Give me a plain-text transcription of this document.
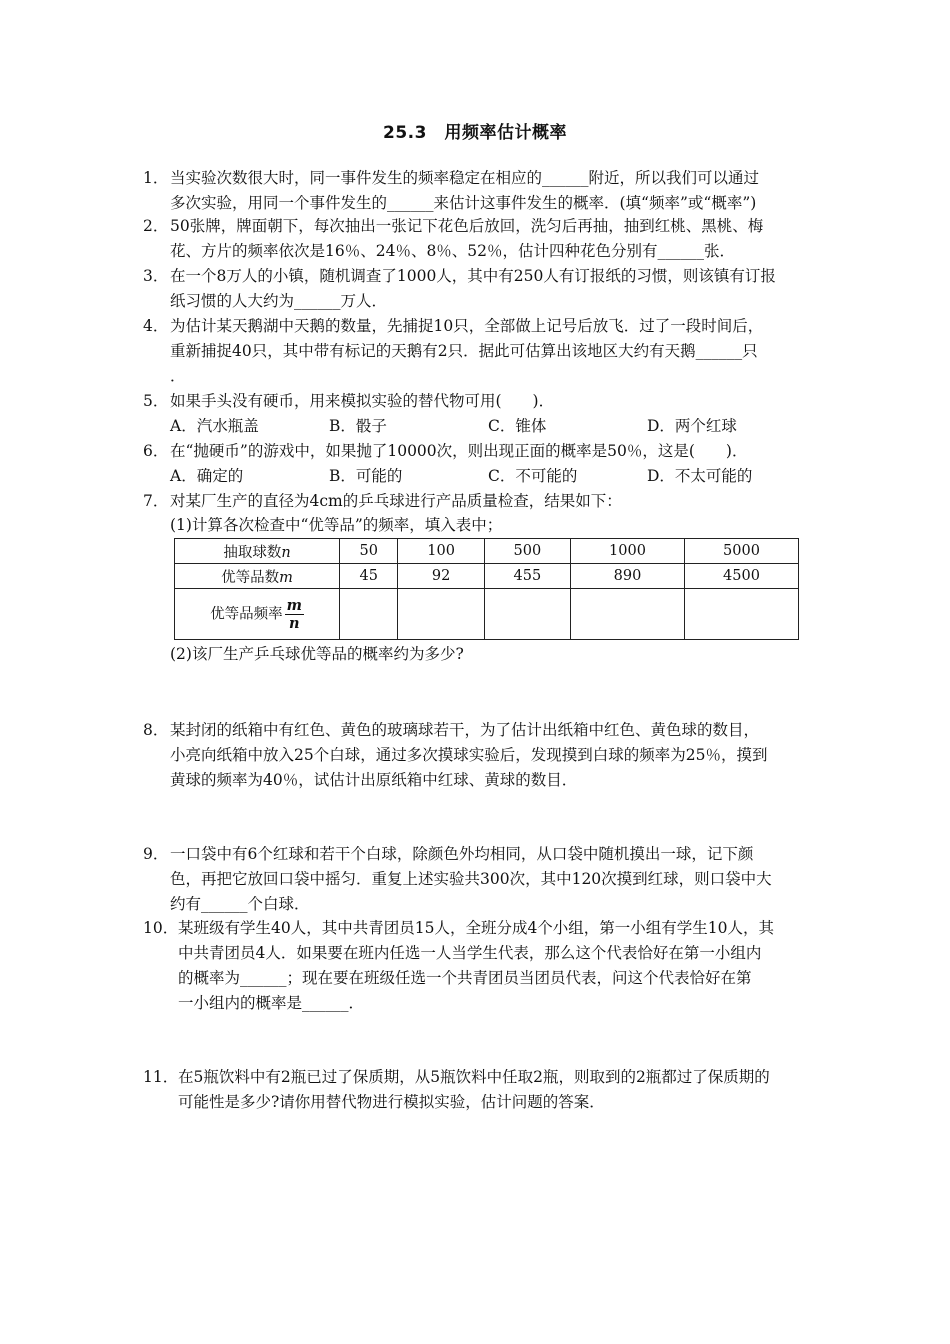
25.3　用频率估计概率
1． 当实验次数很大时，同一事件发生的频率稳定在相应的______附近，所以我们可以通过
多次实验，用同一个事件发生的______来估计这事件发生的概率．(填“频率”或“概率”)
2． 50张牌，牌面朝下，每次抽出一张记下花色后放回，洗匀后再抽，抽到红桃、黑桃、梅
花、方片的频率依次是16％、24％、8％、52％，估计四种花色分别有______张．
3． 在一个8万人的小镇，随机调查了1000人，其中有250人有订报纸的习惯，则该镇有订报
纸习惯的人大约为______万人．
4． 为估计某天鹅湖中天鹅的数量，先捕捉10只，全部做上记号后放飞．过了一段时间后，
重新捕捉40只，其中带有标记的天鹅有2只．据此可估算出该地区大约有天鹅______只
．
5． 如果手头没有硬币，用来模拟实验的替代物可用(　　)．
A．汽水瓶盖	B．骰子	C．锥体	D．两个红球
6． 在“抛硬币”的游戏中，如果抛了10000次，则出现正面的概率是50％，这是(　　)．
A．确定的	B．可能的	C．不可能的	D．不太可能的
7． 对某厂生产的直径为4cm的乒乓球进行产品质量检查，结果如下：
(1)计算各次检查中“优等品”的频率，填入表中；
抽取球数n	50	100	500	1000	5000
优等品数m	45	92	455	890	4500
优等品频率 $\frac{m}{n}$

(2)该厂生产乒乓球优等品的概率约为多少?
8． 某封闭的纸箱中有红色、黄色的玻璃球若干，为了估计出纸箱中红色、黄色球的数目，
小亮向纸箱中放入25个白球，通过多次摸球实验后，发现摸到白球的频率为25％，摸到
黄球的频率为40％，试估计出原纸箱中红球、黄球的数目．
9． 一口袋中有6个红球和若干个白球，除颜色外均相同，从口袋中随机摸出一球，记下颜
色，再把它放回口袋中摇匀．重复上述实验共300次，其中120次摸到红球，则口袋中大
约有______个白球．
10． 某班级有学生40人，其中共青团员15人，全班分成4个小组，第一小组有学生10人，其
中共青团员4人．如果要在班内任选一人当学生代表，那么这个代表恰好在第一小组内
的概率为______；现在要在班级任选一个共青团员当团员代表，问这个代表恰好在第
一小组内的概率是______．
11． 在5瓶饮料中有2瓶已过了保质期，从5瓶饮料中任取2瓶，则取到的2瓶都过了保质期的
可能性是多少?请你用替代物进行模拟实验，估计问题的答案．
